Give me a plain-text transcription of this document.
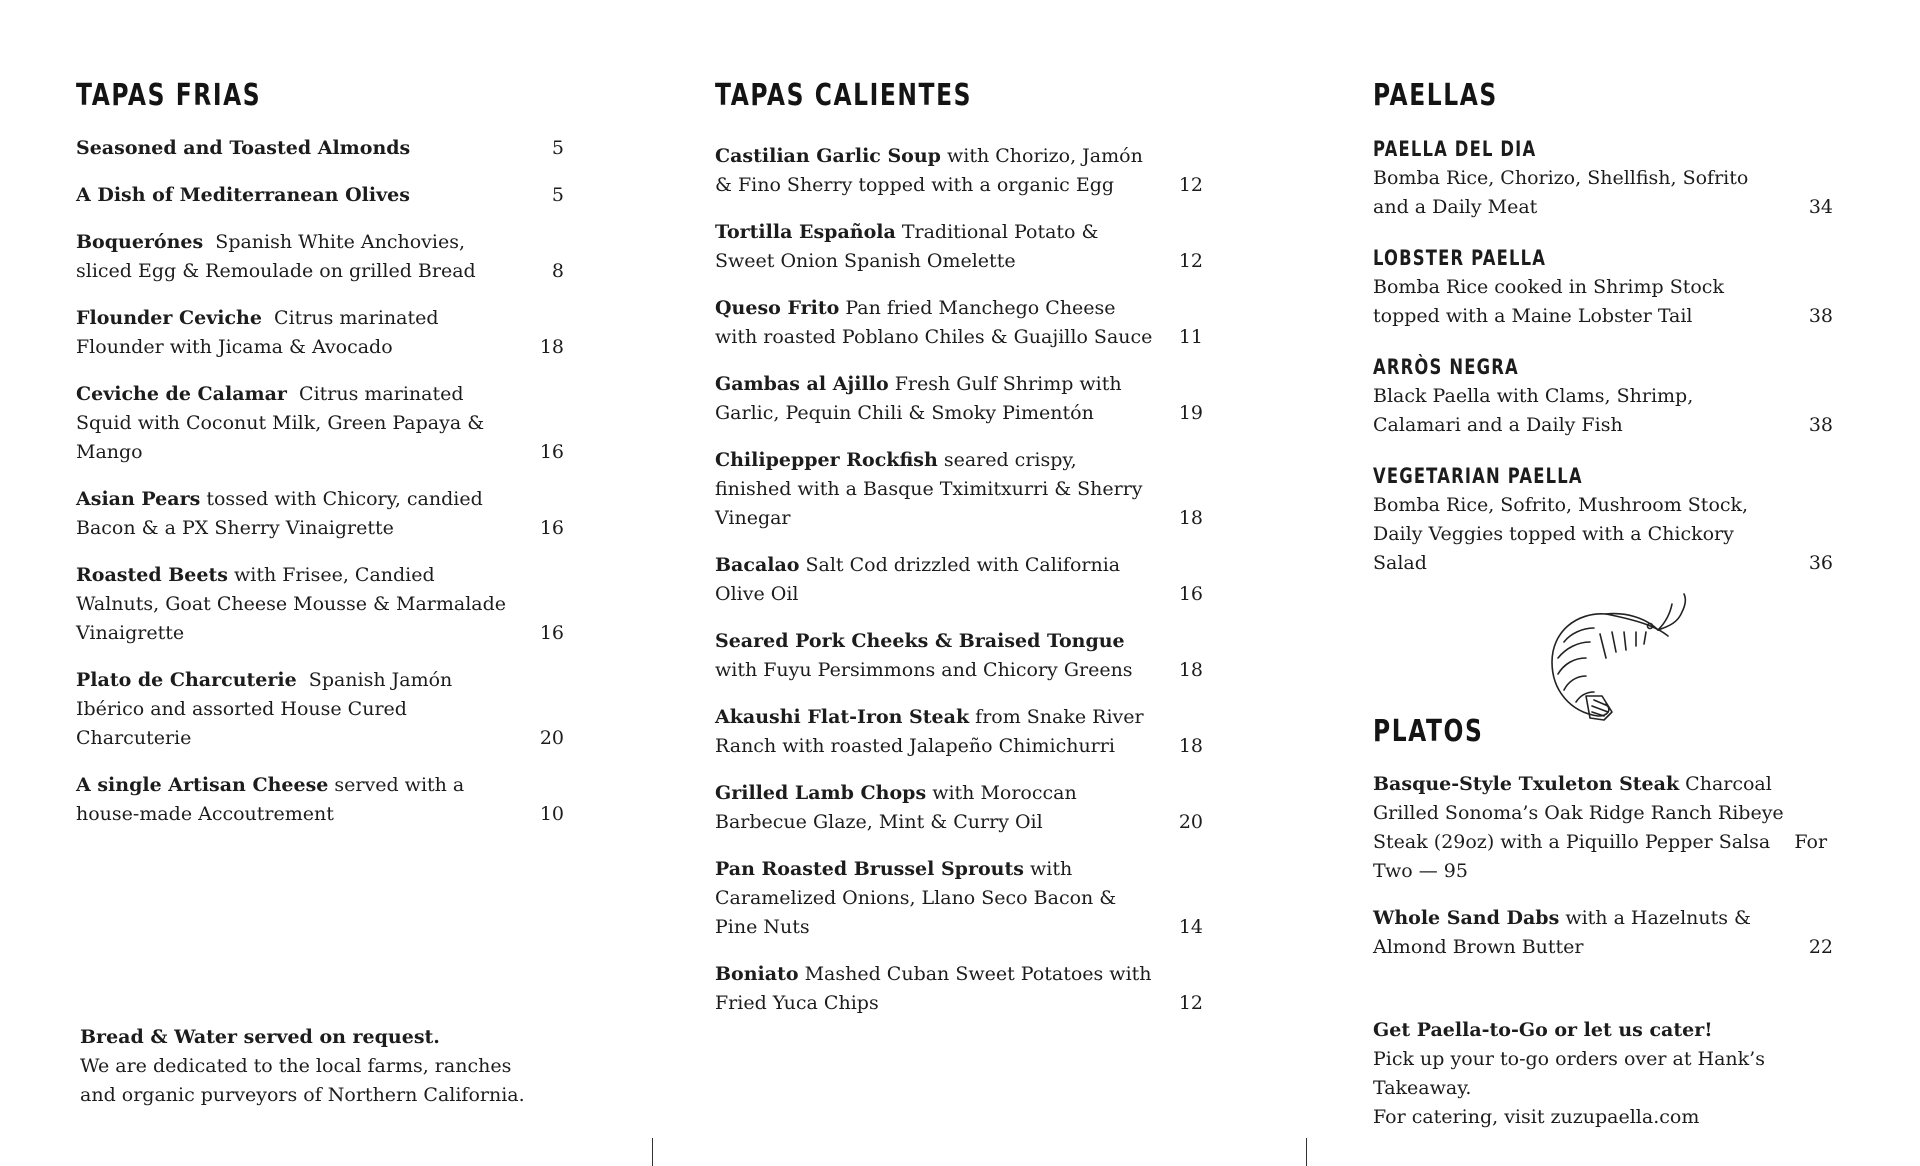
TAPAS FRIAS
Seasoned and Toasted Almonds	5
A Dish of Mediterranean Olives	5
Boquerónes Spanish White Anchovies, sliced Egg & Remoulade on grilled Bread	8
Flounder Ceviche Citrus marinated Flounder with Jicama & Avocado	18
Ceviche de Calamar Citrus marinated Squid with Coconut Milk, Green Papaya & Mango	16
Asian Pears tossed with Chicory, candied Bacon & a PX Sherry Vinaigrette	16
Roasted Beets with Frisee, Candied Walnuts, Goat Cheese Mousse & Marmalade Vinaigrette	16
Plato de Charcuterie Spanish Jamón Ibérico and assorted House Cured Charcuterie	20
A single Artisan Cheese served with a house-made Accoutrement	10
Bread & Water served on request.
We are dedicated to the local farms, ranches and organic purveyors of Northern California.
TAPAS CALIENTES
Castilian Garlic Soup with Chorizo, Jamón & Fino Sherry topped with a organic Egg	12
Tortilla Española Traditional Potato & Sweet Onion Spanish Omelette	12
Queso Frito Pan fried Manchego Cheese with roasted Poblano Chiles & Guajillo Sauce 11
Gambas al Ajillo Fresh Gulf Shrimp with Garlic, Pequin Chili & Smoky Pimentón	19
Chilipepper Rockfish seared crispy, finished with a Basque Tximitxurri & Sherry Vinegar	18
Bacalao Salt Cod drizzled with California Olive Oil	16
Seared Pork Cheeks & Braised Tongue with Fuyu Persimmons and Chicory Greens 18
Akaushi Flat-Iron Steak from Snake River Ranch with roasted Jalapeño Chimichurri	18
Grilled Lamb Chops with Moroccan Barbecue Glaze, Mint & Curry Oil	20
Pan Roasted Brussel Sprouts with Caramelized Onions, Llano Seco Bacon & Pine Nuts	14
Boniato Mashed Cuban Sweet Potatoes with Fried Yuca Chips	12
PAELLAS
PAELLA DEL DIA
Bomba Rice, Chorizo, Shellfish, Sofrito and a Daily Meat	34
LOBSTER PAELLA
Bomba Rice cooked in Shrimp Stock topped with a Maine Lobster Tail	38
ARRÒS NEGRA
Black Paella with Clams, Shrimp, Calamari and a Daily Fish	38
VEGETARIAN PAELLA
Bomba Rice, Sofrito, Mushroom Stock, Daily Veggies topped with a Chickory Salad	36
PLATOS
Basque-Style Txuleton Steak Charcoal Grilled Sonoma’s Oak Ridge Ranch Ribeye Steak (29oz) with a Piquillo Pepper Salsa For Two — 95
Whole Sand Dabs with a Hazelnuts & Almond Brown Butter	22
Get Paella-to-Go or let us cater!
Pick up your to-go orders over at Hank’s Takeaway.
For catering, visit zuzupaella.com
